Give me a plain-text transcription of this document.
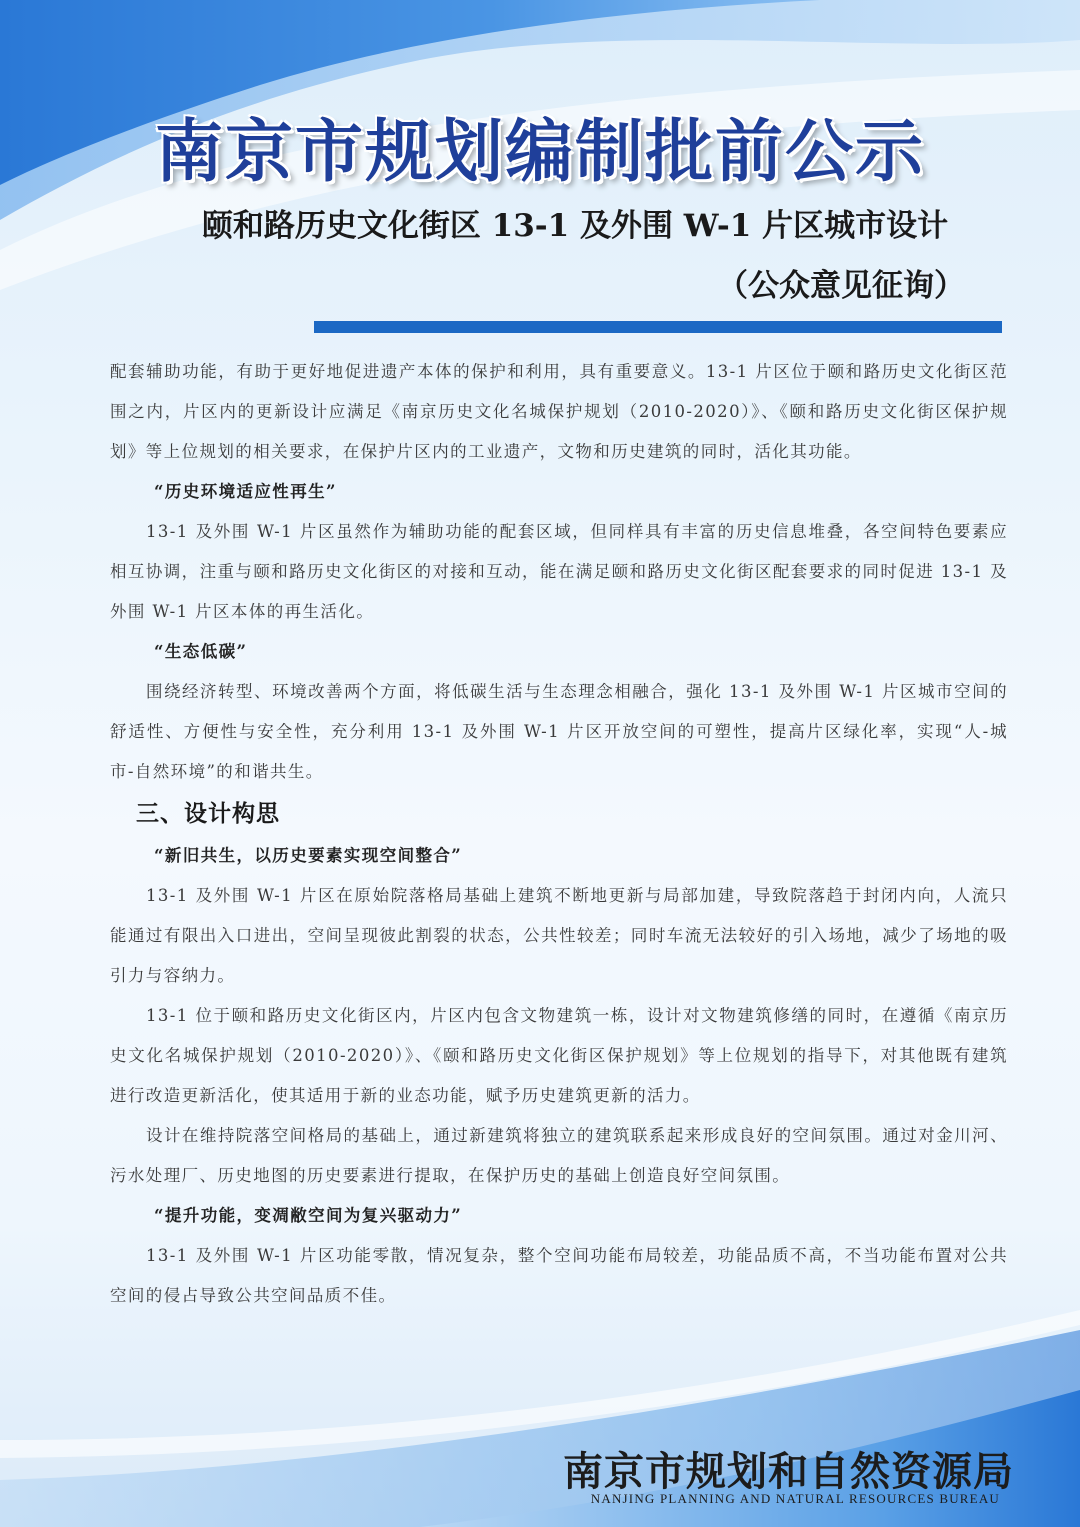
南京市规划编制批前公示
颐和路历史文化街区 13-1 及外围 W-1 片区城市设计
（公众意见征询）

配套辅助功能，有助于更好地促进遗产本体的保护和利用，具有重要意义。13-1 片区位于颐和路历史文化街区范围之内，片区内的更新设计应满足《南京历史文化名城保护规划（2010-2020）》、《颐和路历史文化街区保护规划》等上位规划的相关要求，在保护片区内的工业遗产，文物和历史建筑的同时，活化其功能。

“历史环境适应性再生”

13-1 及外围 W-1 片区虽然作为辅助功能的配套区域，但同样具有丰富的历史信息堆叠，各空间特色要素应相互协调，注重与颐和路历史文化街区的对接和互动，能在满足颐和路历史文化街区配套要求的同时促进 13-1 及外围 W-1 片区本体的再生活化。

“生态低碳”

围绕经济转型、环境改善两个方面，将低碳生活与生态理念相融合，强化 13-1 及外围 W-1 片区城市空间的舒适性、方便性与安全性，充分利用 13-1 及外围 W-1 片区开放空间的可塑性，提高片区绿化率，实现“人-城市-自然环境”的和谐共生。

三、设计构思

“新旧共生，以历史要素实现空间整合”

13-1 及外围 W-1 片区在原始院落格局基础上建筑不断地更新与局部加建，导致院落趋于封闭内向，人流只能通过有限出入口进出，空间呈现彼此割裂的状态，公共性较差；同时车流无法较好的引入场地，减少了场地的吸引力与容纳力。

13-1 位于颐和路历史文化街区内，片区内包含文物建筑一栋，设计对文物建筑修缮的同时，在遵循《南京历史文化名城保护规划（2010-2020）》、《颐和路历史文化街区保护规划》等上位规划的指导下，对其他既有建筑进行改造更新活化，使其适用于新的业态功能，赋予历史建筑更新的活力。

设计在维持院落空间格局的基础上，通过新建筑将独立的建筑联系起来形成良好的空间氛围。通过对金川河、污水处理厂、历史地图的历史要素进行提取，在保护历史的基础上创造良好空间氛围。

“提升功能，变凋敝空间为复兴驱动力”

13-1 及外围 W-1 片区功能零散，情况复杂，整个空间功能布局较差，功能品质不高，不当功能布置对公共空间的侵占导致公共空间品质不佳。

南京市规划和自然资源局
NANJING PLANNING AND NATURAL RESOURCES BUREAU
